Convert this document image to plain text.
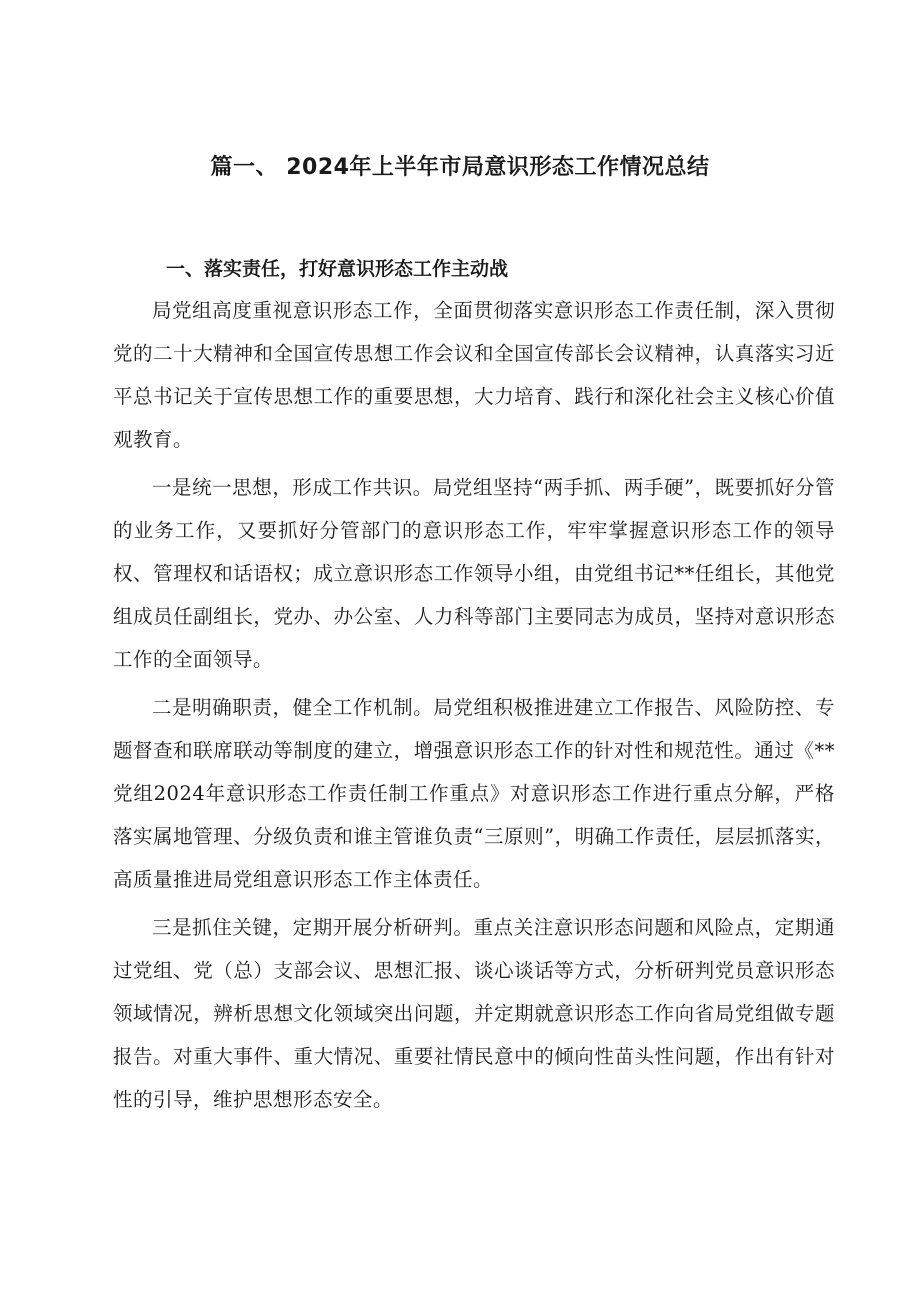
篇一、 2024年上半年市局意识形态工作情况总结
一、落实责任，打好意识形态工作主动战

局党组高度重视意识形态工作，全面贯彻落实意识形态工作责任制，深入贯彻党的二十大精神和全国宣传思想工作会议和全国宣传部长会议精神，认真落实习近平总书记关于宣传思想工作的重要思想，大力培育、践行和深化社会主义核心价值观教育。

一是统一思想，形成工作共识。局党组坚持“两手抓、两手硬”，既要抓好分管的业务工作，又要抓好分管部门的意识形态工作，牢牢掌握意识形态工作的领导权、管理权和话语权；成立意识形态工作领导小组，由党组书记**任组长，其他党组成员任副组长，党办、办公室、人力科等部门主要同志为成员，坚持对意识形态工作的全面领导。

二是明确职责，健全工作机制。局党组积极推进建立工作报告、风险防控、专题督查和联席联动等制度的建立，增强意识形态工作的针对性和规范性。通过《**党组2024年意识形态工作责任制工作重点》对意识形态工作进行重点分解，严格落实属地管理、分级负责和谁主管谁负责“三原则”，明确工作责任，层层抓落实，高质量推进局党组意识形态工作主体责任。

三是抓住关键，定期开展分析研判。重点关注意识形态问题和风险点，定期通过党组、党（总）支部会议、思想汇报、谈心谈话等方式，分析研判党员意识形态领域情况，辨析思想文化领域突出问题，并定期就意识形态工作向省局党组做专题报告。对重大事件、重大情况、重要社情民意中的倾向性苗头性问题，作出有针对性的引导，维护思想形态安全。
